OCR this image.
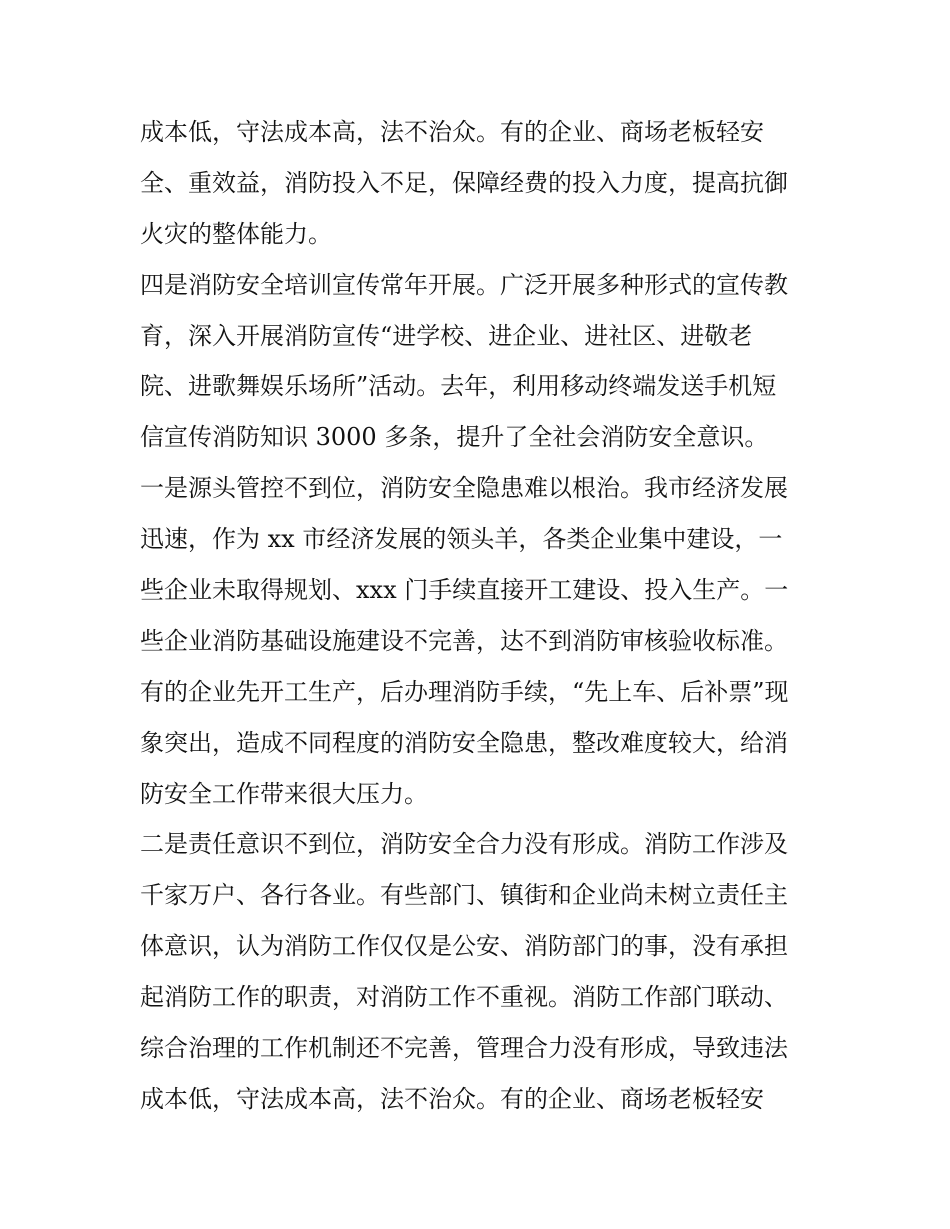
成本低，守法成本高，法不治众。有的企业、商场老板轻安
全、重效益，消防投入不足，保障经费的投入力度，提高抗御
火灾的整体能力。
四是消防安全培训宣传常年开展。广泛开展多种形式的宣传教
育，深入开展消防宣传“进学校、进企业、进社区、进敬老
院、进歌舞娱乐场所”活动。去年，利用移动终端发送手机短
信宣传消防知识 3000 多条，提升了全社会消防安全意识。
一是源头管控不到位，消防安全隐患难以根治。我市经济发展
迅速，作为 xx 市经济发展的领头羊，各类企业集中建设，一
些企业未取得规划、xxx 门手续直接开工建设、投入生产。一
些企业消防基础设施建设不完善，达不到消防审核验收标准。
有的企业先开工生产，后办理消防手续，“先上车、后补票”现
象突出，造成不同程度的消防安全隐患，整改难度较大，给消
防安全工作带来很大压力。
二是责任意识不到位，消防安全合力没有形成。消防工作涉及
千家万户、各行各业。有些部门、镇街和企业尚未树立责任主
体意识，认为消防工作仅仅是公安、消防部门的事，没有承担
起消防工作的职责，对消防工作不重视。消防工作部门联动、
综合治理的工作机制还不完善，管理合力没有形成，导致违法
成本低，守法成本高，法不治众。有的企业、商场老板轻安
